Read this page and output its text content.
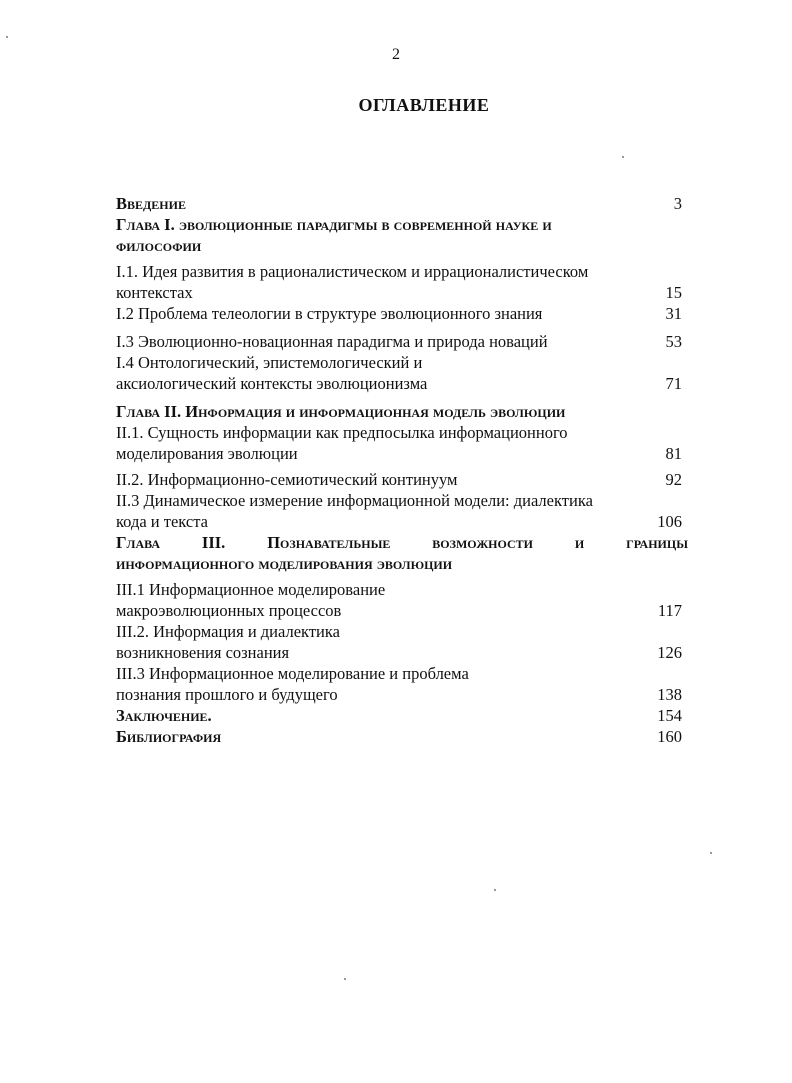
2
ОГЛАВЛЕНИЕ
Введение	3
Глава I. эволюционные парадигмы в современной науке и
философии
I.1. Идея развития в рационалистическом и иррационалистическом
контекстах	15
I.2 Проблема телеологии в структуре эволюционного знания	31
I.3 Эволюционно-новационная парадигма и природа новаций	53
I.4 Онтологический, эпистемологический и
аксиологический контексты эволюционизма	71
Глава II. Информация и информационная модель эволюции
II.1. Сущность информации как предпосылка информационного
моделирования эволюции	81
II.2. Информационно-семиотический континуум	92
II.3 Динамическое измерение информационной модели: диалектика
кода и текста	106
Глава III. Познавательные возможности и границы
информационного моделирования эволюции
III.1 Информационное моделирование
макроэволюционных процессов	117
III.2. Информация и диалектика
возникновения сознания	126
III.3 Информационное моделирование и проблема
познания прошлого и будущего	138
Заключение.	154
Библиография	160
